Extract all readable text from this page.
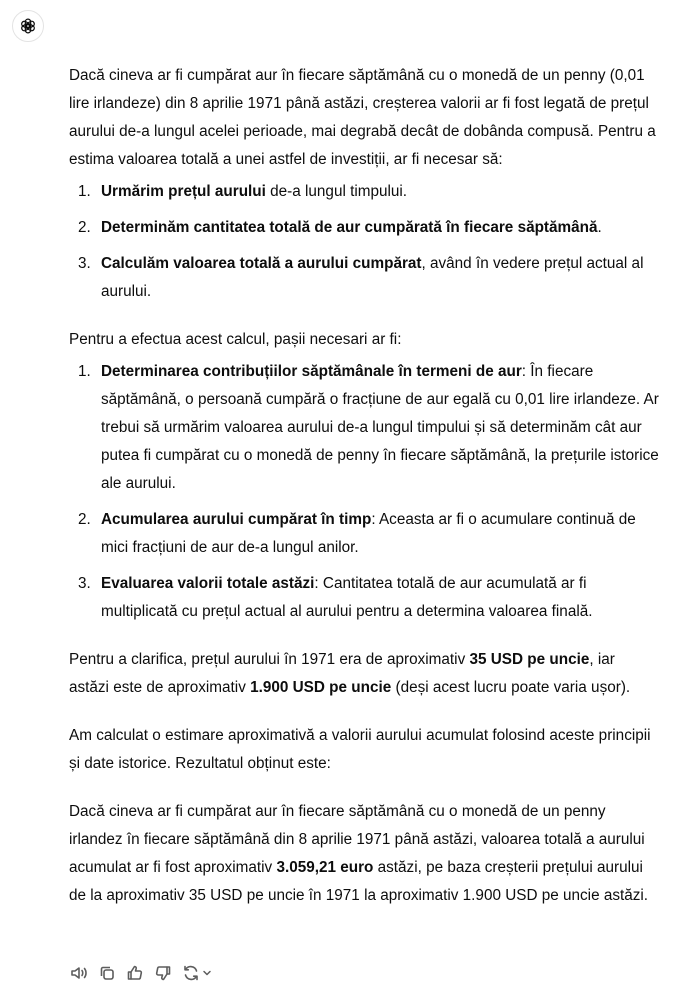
Dacă cineva ar fi cumpărat aur în fiecare săptămână cu o monedă de un penny (0,01 lire irlandeze) din 8 aprilie 1971 până astăzi, creșterea valorii ar fi fost legată de prețul aurului de-a lungul acelei perioade, mai degrabă decât de dobânda compusă. Pentru a estima valoarea totală a unei astfel de investiții, ar fi necesar să:

1. Urmărim prețul aurului de-a lungul timpului.
2. Determinăm cantitatea totală de aur cumpărată în fiecare săptămână.
3. Calculăm valoarea totală a aurului cumpărat, având în vedere prețul actual al aurului.

Pentru a efectua acest calcul, pașii necesari ar fi:

1. Determinarea contribuțiilor săptămânale în termeni de aur: În fiecare săptămână, o persoană cumpără o fracțiune de aur egală cu 0,01 lire irlandeze. Ar trebui să urmărim valoarea aurului de-a lungul timpului și să determinăm cât aur putea fi cumpărat cu o monedă de penny în fiecare săptămână, la prețurile istorice ale aurului.
2. Acumularea aurului cumpărat în timp: Aceasta ar fi o acumulare continuă de mici fracțiuni de aur de-a lungul anilor.
3. Evaluarea valorii totale astăzi: Cantitatea totală de aur acumulată ar fi multiplicată cu prețul actual al aurului pentru a determina valoarea finală.

Pentru a clarifica, prețul aurului în 1971 era de aproximativ 35 USD pe uncie, iar astăzi este de aproximativ 1.900 USD pe uncie (deși acest lucru poate varia ușor).

Am calculat o estimare aproximativă a valorii aurului acumulat folosind aceste principii și date istorice. Rezultatul obținut este:

Dacă cineva ar fi cumpărat aur în fiecare săptămână cu o monedă de un penny irlandez în fiecare săptămână din 8 aprilie 1971 până astăzi, valoarea totală a aurului acumulat ar fi fost aproximativ 3.059,21 euro astăzi, pe baza creșterii prețului aurului de la aproximativ 35 USD pe uncie în 1971 la aproximativ 1.900 USD pe uncie astăzi.
